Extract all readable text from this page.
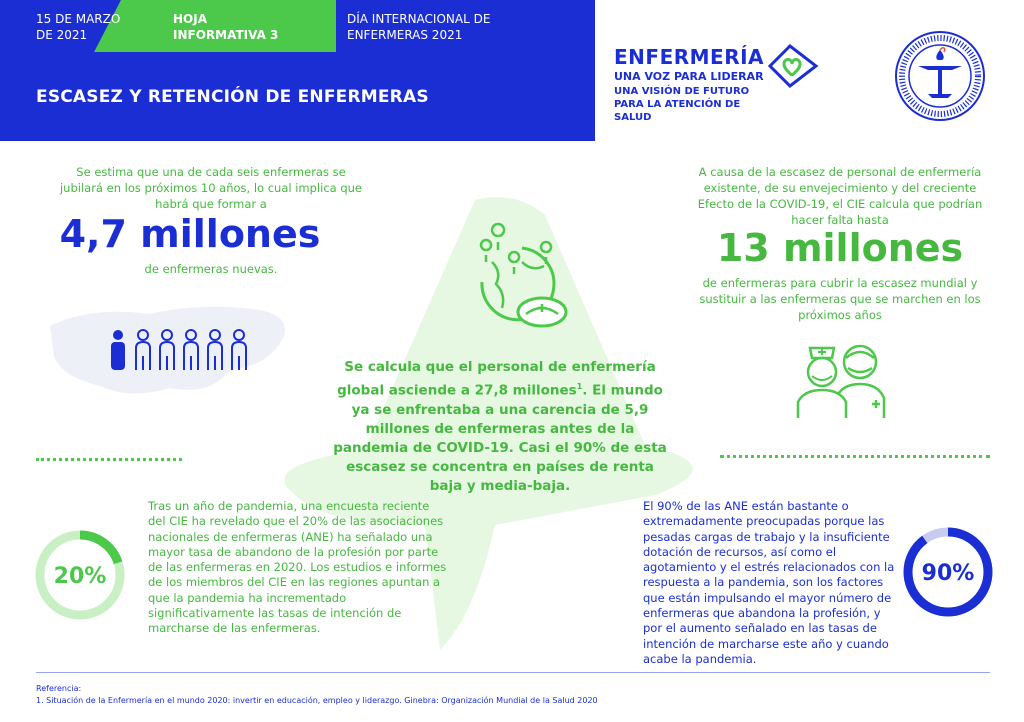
15 DE MARZO DE 2021
HOJA INFORMATIVA 3
DÍA INTERNACIONAL DE ENFERMERAS 2021
ESCASEZ Y RETENCIÓN DE ENFERMERAS
ENFERMERÍA
UNA VOZ PARA LIDERAR
UNA VISIÓN DE FUTURO PARA LA ATENCIÓN DE SALUD
Se estima que una de cada seis enfermeras se jubilará en los próximos 10 años, lo cual implica que habrá que formar a
4,7 millones
de enfermeras nuevas.
A causa de la escasez de personal de enfermería existente, de su envejecimiento y del creciente Efecto de la COVID-19, el CIE calcula que podrían hacer falta hasta
13 millones
de enfermeras para cubrir la escasez mundial y sustituir a las enfermeras que se marchen en los próximos años
Se calcula que el personal de enfermería global asciende a 27,8 millones$^1$. El mundo ya se enfrentaba a una carencia de 5,9 millones de enfermeras antes de la pandemia de COVID-19. Casi el 90% de esta escasez se concentra en países de renta baja y media-baja.
20%
Tras un año de pandemia, una encuesta reciente del CIE ha revelado que el 20% de las asociaciones nacionales de enfermeras (ANE) ha señalado una mayor tasa de abandono de la profesión por parte de las enfermeras en 2020. Los estudios e informes de los miembros del CIE en las regiones apuntan a que la pandemia ha incrementado significativamente las tasas de intención de marcharse de las enfermeras.
El 90% de las ANE están bastante o extremadamente preocupadas porque las pesadas cargas de trabajo y la insuficiente dotación de recursos, así como el agotamiento y el estrés relacionados con la respuesta a la pandemia, son los factores que están impulsando el mayor número de enfermeras que abandona la profesión, y por el aumento señalado en las tasas de intención de marcharse este año y cuando acabe la pandemia.
90%
Referencia:
1. Situación de la Enfermería en el mundo 2020: invertir en educación, empleo y liderazgo. Ginebra: Organización Mundial de la Salud 2020
